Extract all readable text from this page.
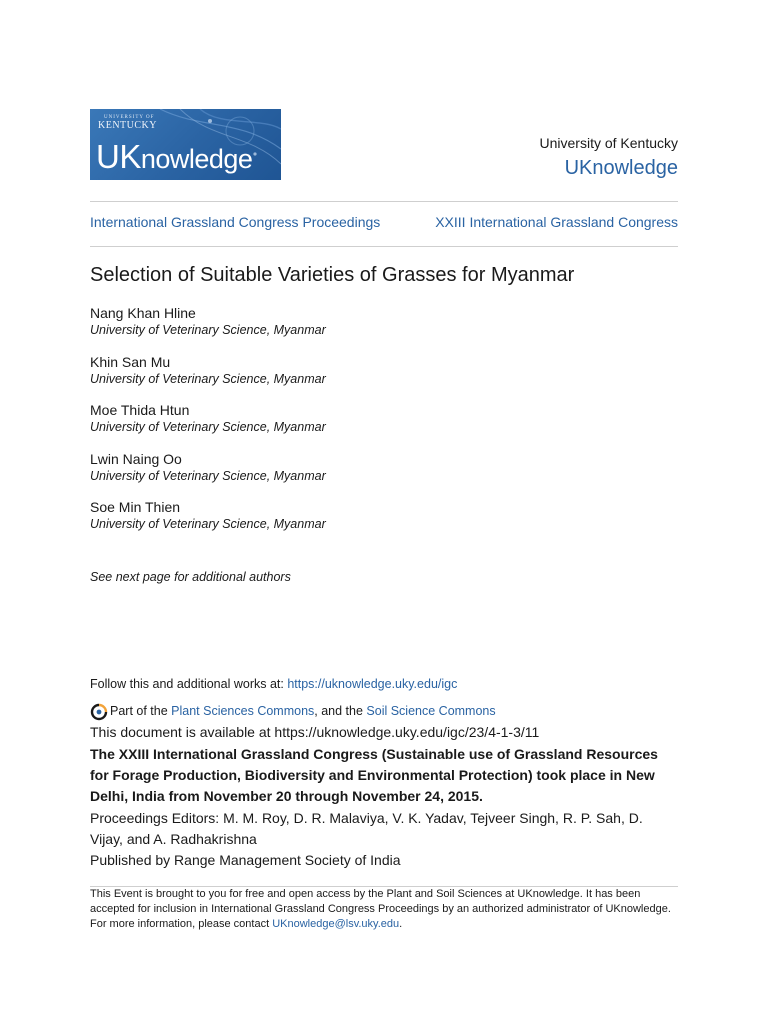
UNIVERSITY OF
KENTUCKY
UKnowledge
University of Kentucky
UKnowledge
International Grassland Congress Proceedings	XXIII International Grassland Congress
Selection of Suitable Varieties of Grasses for Myanmar
Nang Khan Hline
University of Veterinary Science, Myanmar
Khin San Mu
University of Veterinary Science, Myanmar
Moe Thida Htun
University of Veterinary Science, Myanmar
Lwin Naing Oo
University of Veterinary Science, Myanmar
Soe Min Thien
University of Veterinary Science, Myanmar
See next page for additional authors
Follow this and additional works at: https://uknowledge.uky.edu/igc
Part of the Plant Sciences Commons, and the Soil Science Commons
This document is available at https://uknowledge.uky.edu/igc/23/4-1-3/11
The XXIII International Grassland Congress (Sustainable use of Grassland Resources for Forage Production, Biodiversity and Environmental Protection) took place in New Delhi, India from November 20 through November 24, 2015.
Proceedings Editors: M. M. Roy, D. R. Malaviya, V. K. Yadav, Tejveer Singh, R. P. Sah, D. Vijay, and A. Radhakrishna
Published by Range Management Society of India
This Event is brought to you for free and open access by the Plant and Soil Sciences at UKnowledge. It has been accepted for inclusion in International Grassland Congress Proceedings by an authorized administrator of UKnowledge. For more information, please contact UKnowledge@lsv.uky.edu.
